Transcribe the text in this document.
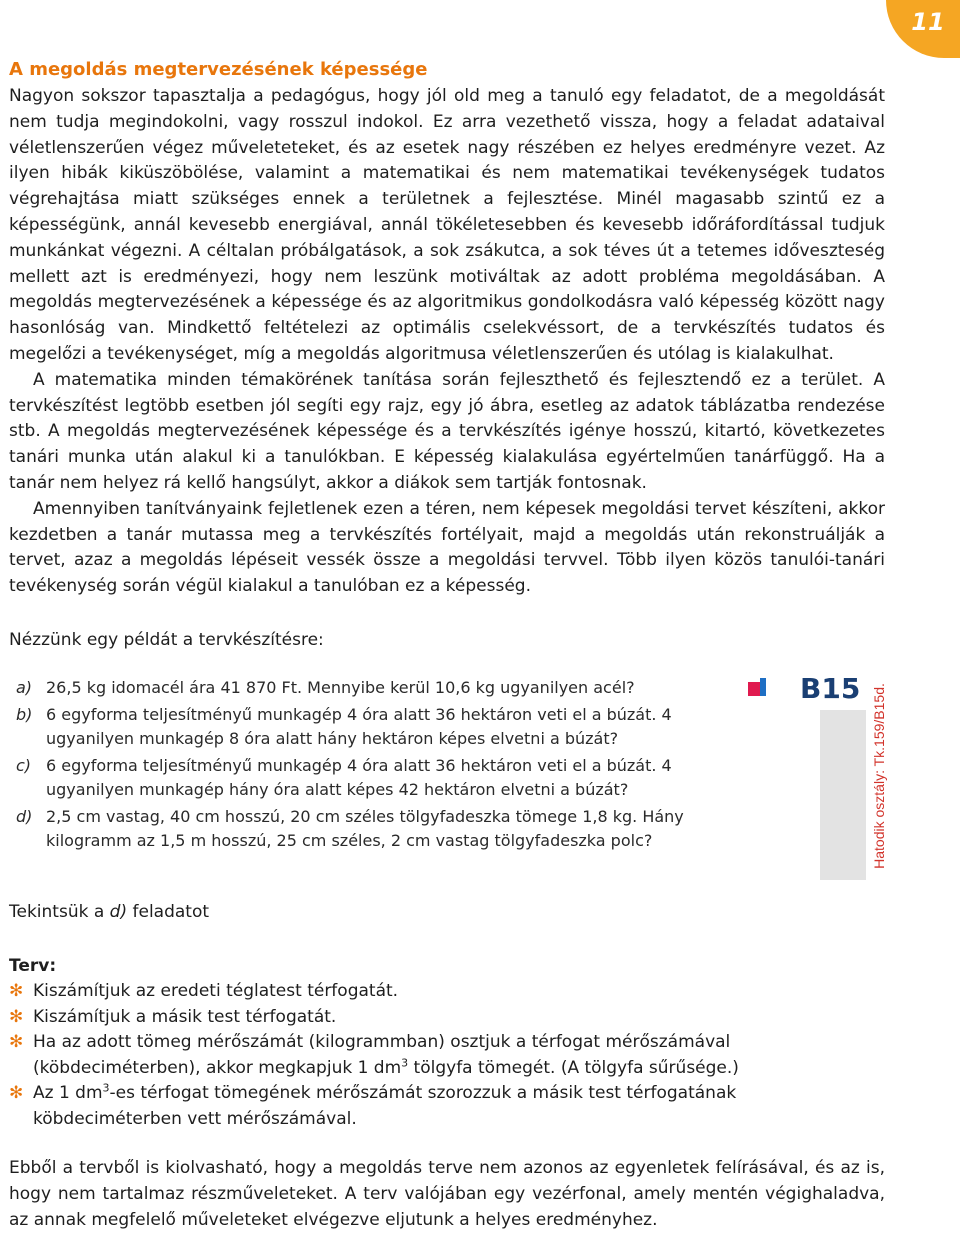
11
A megoldás megtervezésének képessége

Nagyon sokszor tapasztalja a pedagógus, hogy jól old meg a tanuló egy feladatot, de a megoldását nem tudja megindokolni, vagy rosszul indokol. Ez arra vezethető vissza, hogy a feladat adataival véletlenszerűen végez műveleteteket, és az esetek nagy részében ez helyes eredményre vezet. Az ilyen hibák kiküszöbölése, valamint a matematikai és nem matematikai tevékenységek tudatos végrehajtása miatt szükséges ennek a területnek a fejlesztése. Minél magasabb szintű ez a képességünk, annál kevesebb energiával, annál tökéletesebben és kevesebb időráfordítással tudjuk munkánkat végezni. A céltalan próbálgatások, a sok zsákutca, a sok téves út a tetemes időveszteség mellett azt is eredményezi, hogy nem leszünk motiváltak az adott probléma megoldásában. A megoldás megtervezésének a képessége és az algoritmikus gondolkodásra való képesség között nagy hasonlóság van. Mindkettő feltételezi az optimális cselekvéssort, de a tervkészítés tudatos és megelőzi a tevékenységet, míg a megoldás algoritmusa véletlenszerűen és utólag is kialakulhat.

A matematika minden témakörének tanítása során fejleszthető és fejlesztendő ez a terület. A tervkészítést legtöbb esetben jól segíti egy rajz, egy jó ábra, esetleg az adatok táblázatba rendezése stb. A megoldás megtervezésének képessége és a tervkészítés igénye hosszú, kitartó, következetes tanári munka után alakul ki a tanulókban. E képesség kialakulása egyértelműen tanárfüggő. Ha a tanár nem helyez rá kellő hangsúlyt, akkor a diákok sem tartják fontosnak.

Amennyiben tanítványaink fejletlenek ezen a téren, nem képesek megoldási tervet készíteni, akkor kezdetben a tanár mutassa meg a tervkészítés fortélyait, majd a megoldás után rekonstruálják a tervet, azaz a megoldás lépéseit vessék össze a megoldási tervvel. Több ilyen közös tanulói-tanári tevékenység során végül kialakul a tanulóban ez a képesség.

Nézzünk egy példát a tervkészítésre:

a) 26,5 kg idomacél ára 41 870 Ft. Mennyibe kerül 10,6 kg ugyanilyen acél?
b) 6 egyforma teljesítményű munkagép 4 óra alatt 36 hektáron veti el a búzát. 4 ugyanilyen munkagép 8 óra alatt hány hektáron képes elvetni a búzát?
c) 6 egyforma teljesítményű munkagép 4 óra alatt 36 hektáron veti el a búzát. 4 ugyanilyen munkagép hány óra alatt képes 42 hektáron elvetni a búzát?
d) 2,5 cm vastag, 40 cm hosszú, 20 cm széles tölgyfadeszka tömege 1,8 kg. Hány kilogramm az 1,5 m hosszú, 25 cm széles, 2 cm vastag tölgyfadeszka polc?
B15 Hatodik osztály: Tk.159/B15d.

Tekintsük a d) feladatot

Terv:
✻ Kiszámítjuk az eredeti téglatest térfogatát.
✻ Kiszámítjuk a másik test térfogatát.
✻ Ha az adott tömeg mérőszámát (kilogrammban) osztjuk a térfogat mérőszámával (köbdeciméterben), akkor megkapjuk 1 $dm^3$ tölgyfa tömegét. (A tölgyfa sűrűsége.)
✻ Az 1 $dm^3-es$ térfogat tömegének mérőszámát szorozzuk a másik test térfogatának köbdeciméterben vett mérőszámával.

Ebből a tervből is kiolvasható, hogy a megoldás terve nem azonos az egyenletek felírásával, és az is, hogy nem tartalmaz részműveleteket. A terv valójában egy vezérfonal, amely mentén végighaladva, az annak megfelelő műveleteket elvégezve eljutunk a helyes eredményhez.
